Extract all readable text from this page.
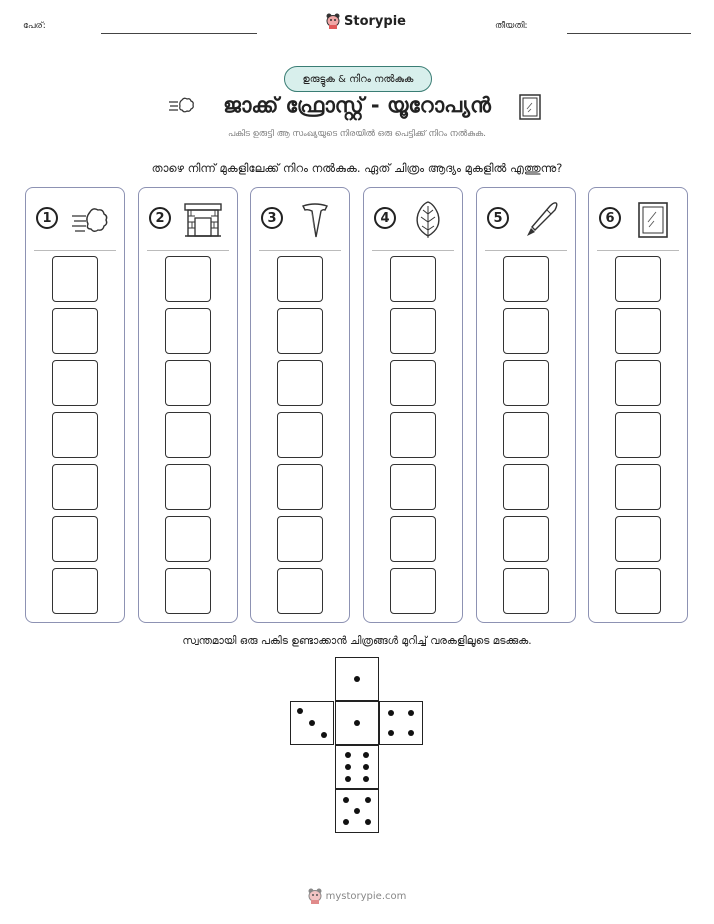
പേര്:	Storypie	തീയതി:
ഉരുട്ടുക & നിറം നൽകുക
ജാക്ക് ഫ്രോസ്റ്റ് - യൂറോപ്യൻ
പകിട ഉരുട്ടി ആ സംഖ്യയുടെ നിരയിൽ ഒരു പെട്ടിക്ക് നിറം നൽകുക.
താഴെ നിന്ന് മുകളിലേക്ക് നിറം നൽകുക. ഏത് ചിത്രം ആദ്യം മുകളിൽ എത്തുന്നു?
1	2	3	4	5	6
സ്വന്തമായി ഒരു പകിട ഉണ്ടാക്കാൻ ചിത്രങ്ങൾ മുറിച്ച് വരകളിലൂടെ മടക്കുക.
mystorypie.com
